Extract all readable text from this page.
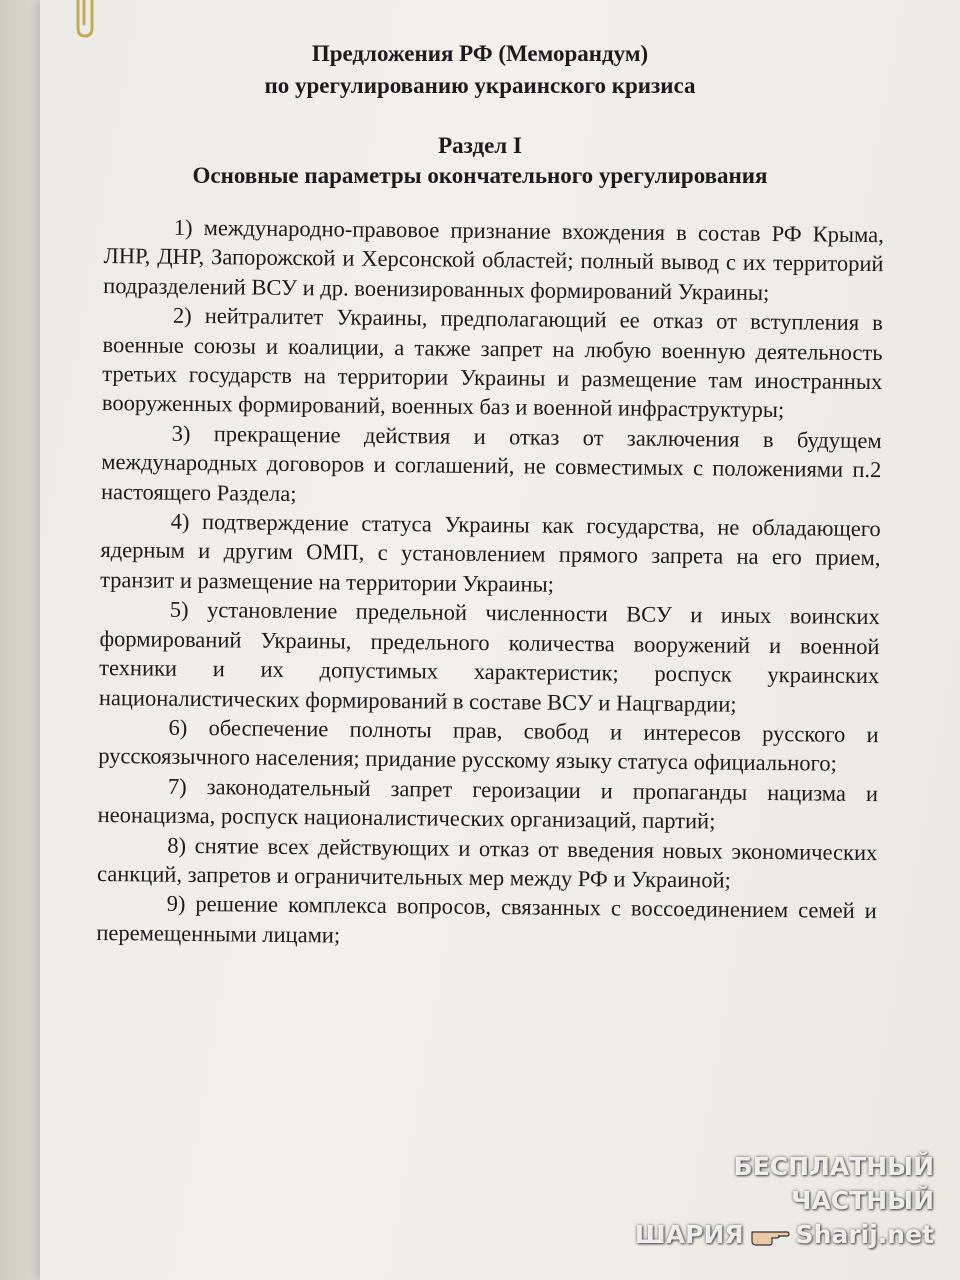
Предложения РФ (Меморандум)
по урегулированию украинского кризиса
Раздел I
Основные параметры окончательного урегулирования

1) международно-правовое признание вхождения в состав РФ Крыма, ЛНР, ДНР, Запорожской и Херсонской областей; полный вывод с их территорий подразделений ВСУ и др. военизированных формирований Украины;

2) нейтралитет Украины, предполагающий ее отказ от вступления в военные союзы и коалиции, а также запрет на любую военную деятельность третьих государств на территории Украины и размещение там иностранных вооруженных формирований, военных баз и военной инфраструктуры;

3) прекращение действия и отказ от заключения в будущем международных договоров и соглашений, не совместимых с положениями п.2 настоящего Раздела;

4) подтверждение статуса Украины как государства, не обладающего ядерным и другим ОМП, с установлением прямого запрета на его прием, транзит и размещение на территории Украины;

5) установление предельной численности ВСУ и иных воинских формирований Украины, предельного количества вооружений и военной техники и их допустимых характеристик; роспуск украинских националистических формирований в составе ВСУ и Нацгвардии;

6) обеспечение полноты прав, свобод и интересов русского и русскоязычного населения; придание русскому языку статуса официального;

7) законодательный запрет героизации и пропаганды нацизма и неонацизма, роспуск националистических организаций, партий;

8) снятие всех действующих и отказ от введения новых экономических санкций, запретов и ограничительных мер между РФ и Украиной;

9) решение комплекса вопросов, связанных с воссоединением семей и перемещенными лицами;

БЕСПЛАТНЫЙ ЧАСТНЫЙ
ШАРИЯ Sharij.net
